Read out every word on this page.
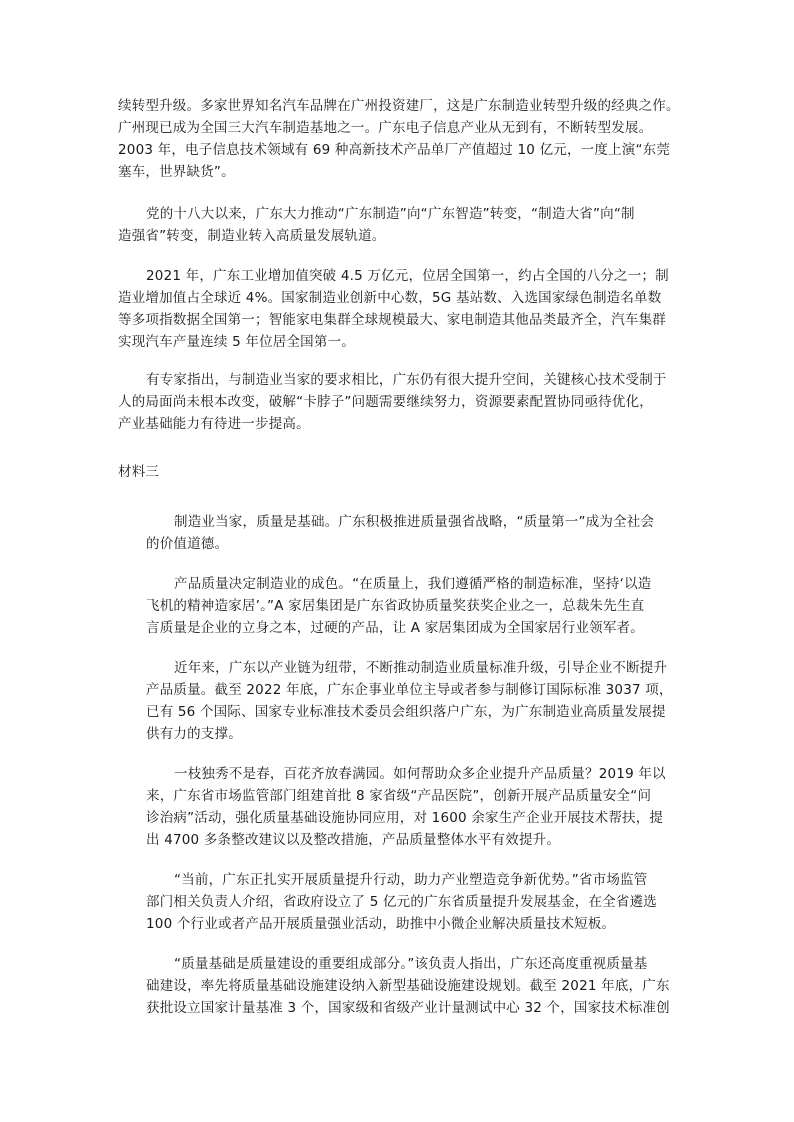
续转型升级。多家世界知名汽车品牌在广州投资建厂，这是广东制造业转型升级的经典之作。
广州现已成为全国三大汽车制造基地之一。广东电子信息产业从无到有，不断转型发展。
2003 年，电子信息技术领域有 69 种高新技术产品单厂产值超过 10 亿元，一度上演“东莞
塞车，世界缺货”。
党的十八大以来，广东大力推动“广东制造”向“广东智造”转变，“制造大省”向“制
造强省”转变，制造业转入高质量发展轨道。
2021 年，广东工业增加值突破 4.5 万亿元，位居全国第一，约占全国的八分之一；制
造业增加值占全球近 4%。国家制造业创新中心数，5G 基站数、入选国家绿色制造名单数
等多项指数据全国第一；智能家电集群全球规模最大、家电制造其他品类最齐全，汽车集群
实现汽车产量连续 5 年位居全国第一。
有专家指出，与制造业当家的要求相比，广东仍有很大提升空间，关键核心技术受制于
人的局面尚未根本改变，破解“卡脖子”问题需要继续努力，资源要素配置协同亟待优化，
产业基础能力有待进一步提高。
材料三
制造业当家，质量是基础。广东积极推进质量强省战略，“质量第一”成为全社会
的价值道德。
产品质量决定制造业的成色。“在质量上，我们遵循严格的制造标准，坚持‘以造
飞机的精神造家居’。”A 家居集团是广东省政协质量奖获奖企业之一，总裁朱先生直
言质量是企业的立身之本，过硬的产品，让 A 家居集团成为全国家居行业领军者。
近年来，广东以产业链为纽带，不断推动制造业质量标准升级，引导企业不断提升
产品质量。截至 2022 年底，广东企事业单位主导或者参与制修订国际标准 3037 项，
已有 56 个国际、国家专业标准技术委员会组织落户广东，为广东制造业高质量发展提
供有力的支撑。
一枝独秀不是春，百花齐放春满园。如何帮助众多企业提升产品质量？2019 年以
来，广东省市场监管部门组建首批 8 家省级“产品医院”，创新开展产品质量安全“问
诊治病”活动，强化质量基础设施协同应用，对 1600 余家生产企业开展技术帮扶，提
出 4700 多条整改建议以及整改措施，产品质量整体水平有效提升。
“当前，广东正扎实开展质量提升行动，助力产业塑造竞争新优势。”省市场监管
部门相关负责人介绍，省政府设立了 5 亿元的广东省质量提升发展基金，在全省遴选
100 个行业或者产品开展质量强业活动，助推中小微企业解决质量技术短板。
“质量基础是质量建设的重要组成部分。”该负责人指出，广东还高度重视质量基
础建设，率先将质量基础设施建设纳入新型基础设施建设规划。截至 2021 年底，广东
获批设立国家计量基准 3 个，国家级和省级产业计量测试中心 32 个，国家技术标准创
